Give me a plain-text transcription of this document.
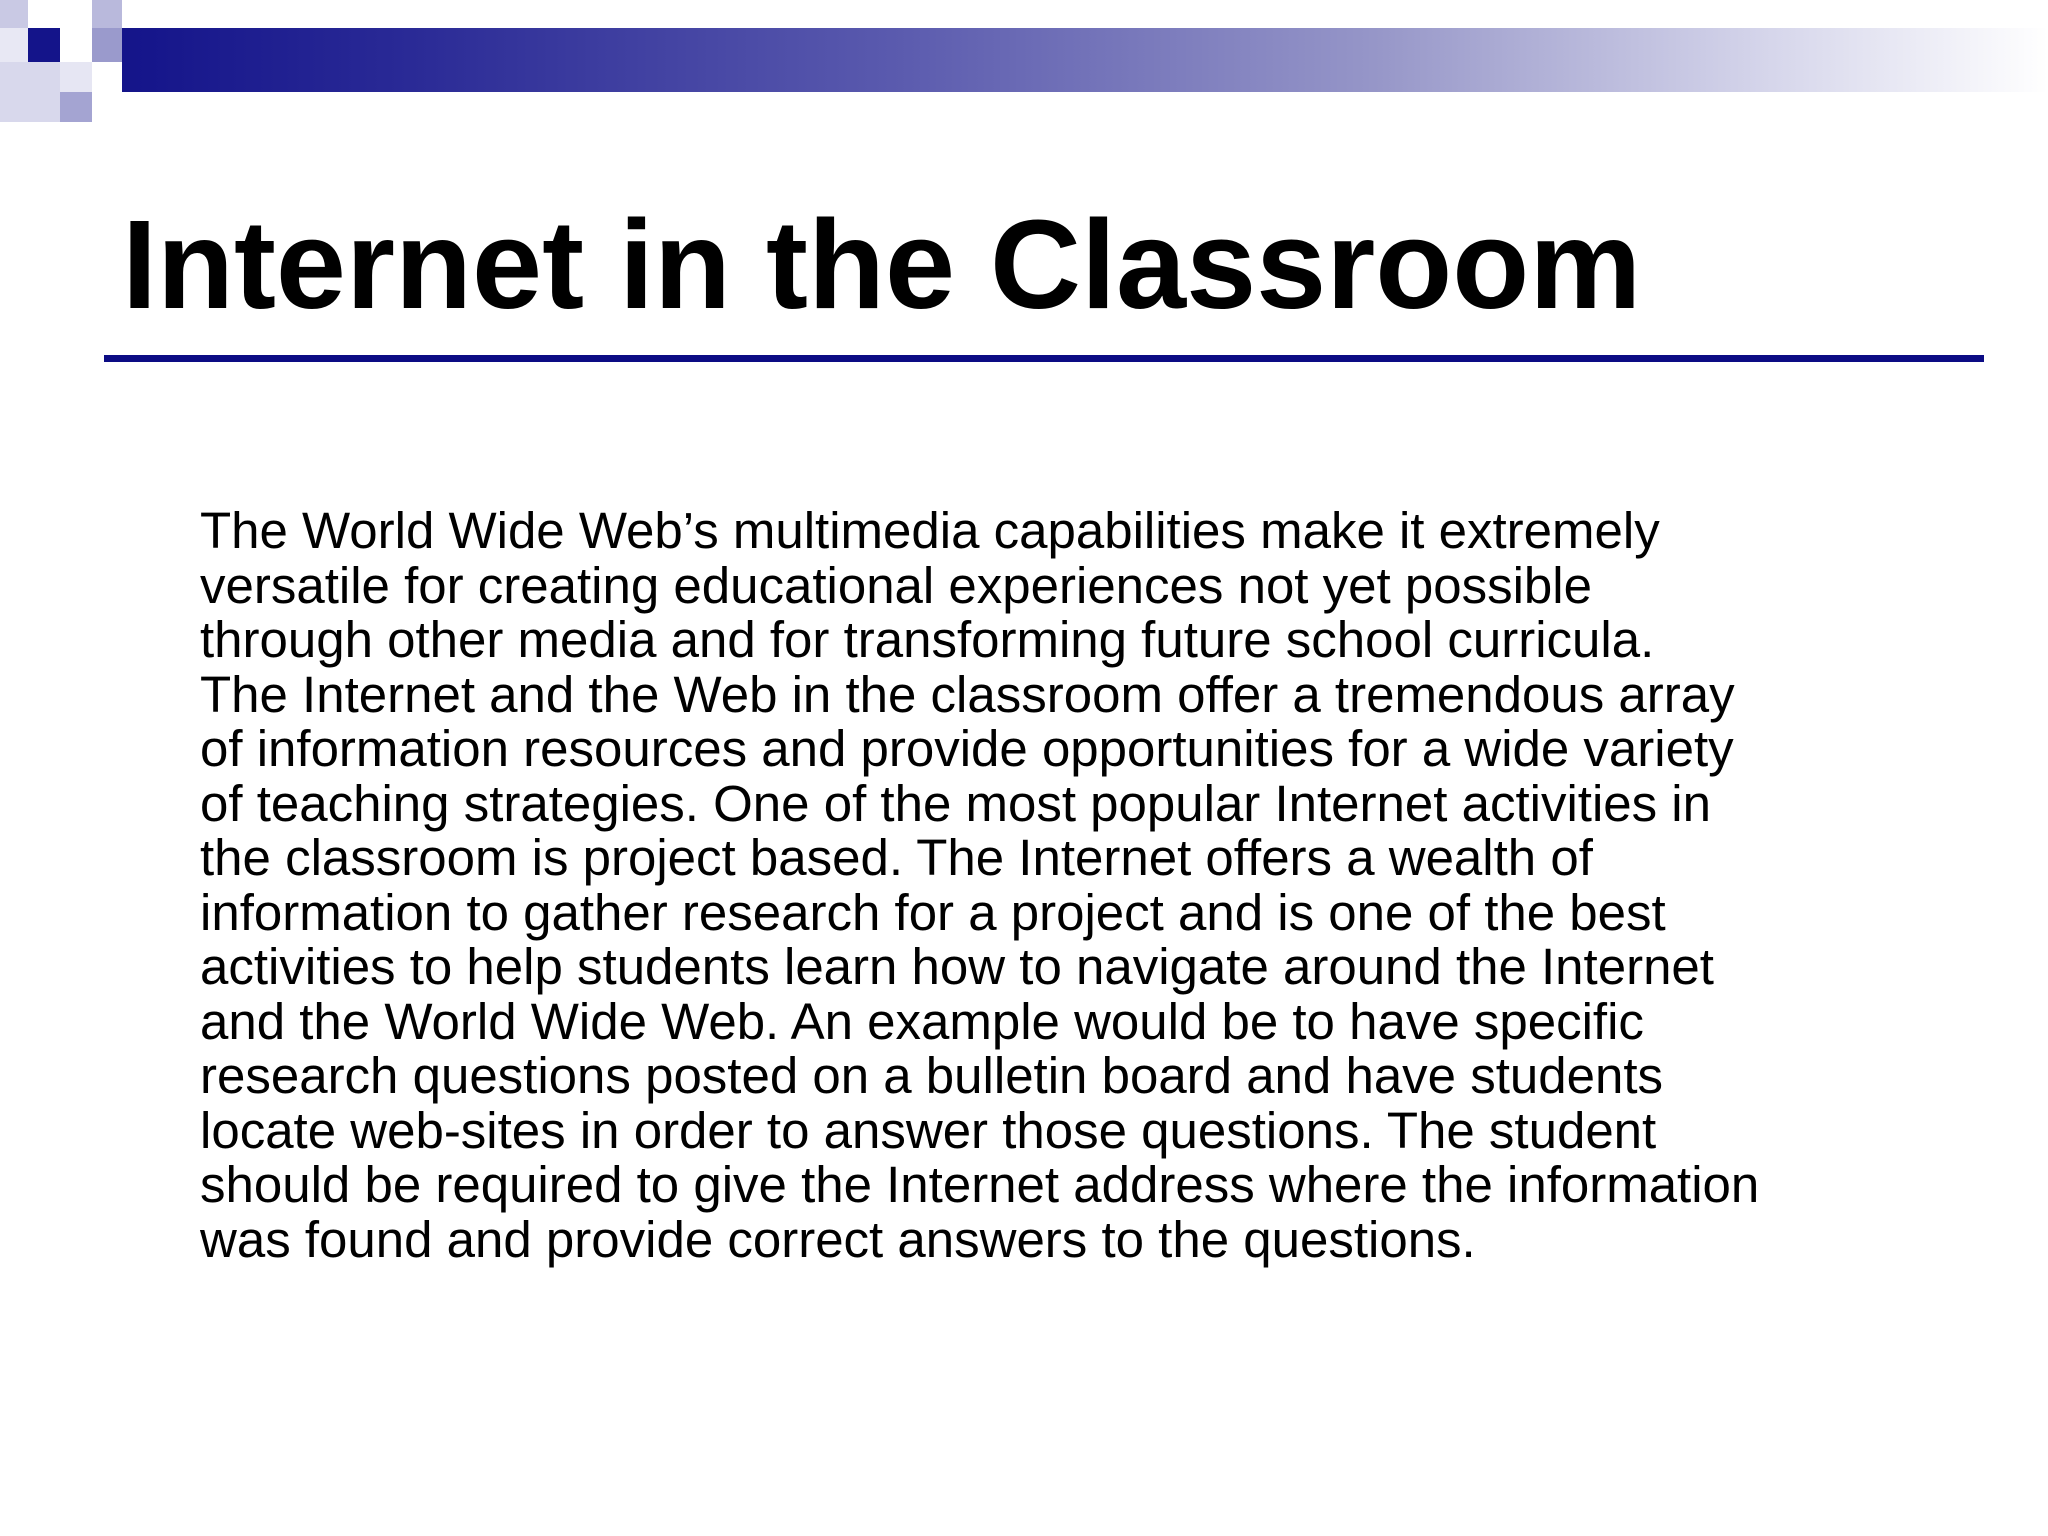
Internet in the Classroom

The World Wide Web’s multimedia capabilities make it extremely
versatile for creating educational experiences not yet possible
through other media and for transforming future school curricula.
The Internet and the Web in the classroom offer a tremendous array
of information resources and provide opportunities for a wide variety
of teaching strategies. One of the most popular Internet activities in
the classroom is project based. The Internet offers a wealth of
information to gather research for a project and is one of the best
activities to help students learn how to navigate around the Internet
and the World Wide Web. An example would be to have specific
research questions posted on a bulletin board and have students
locate web-sites in order to answer those questions. The student
should be required to give the Internet address where the information
was found and provide correct answers to the questions.
